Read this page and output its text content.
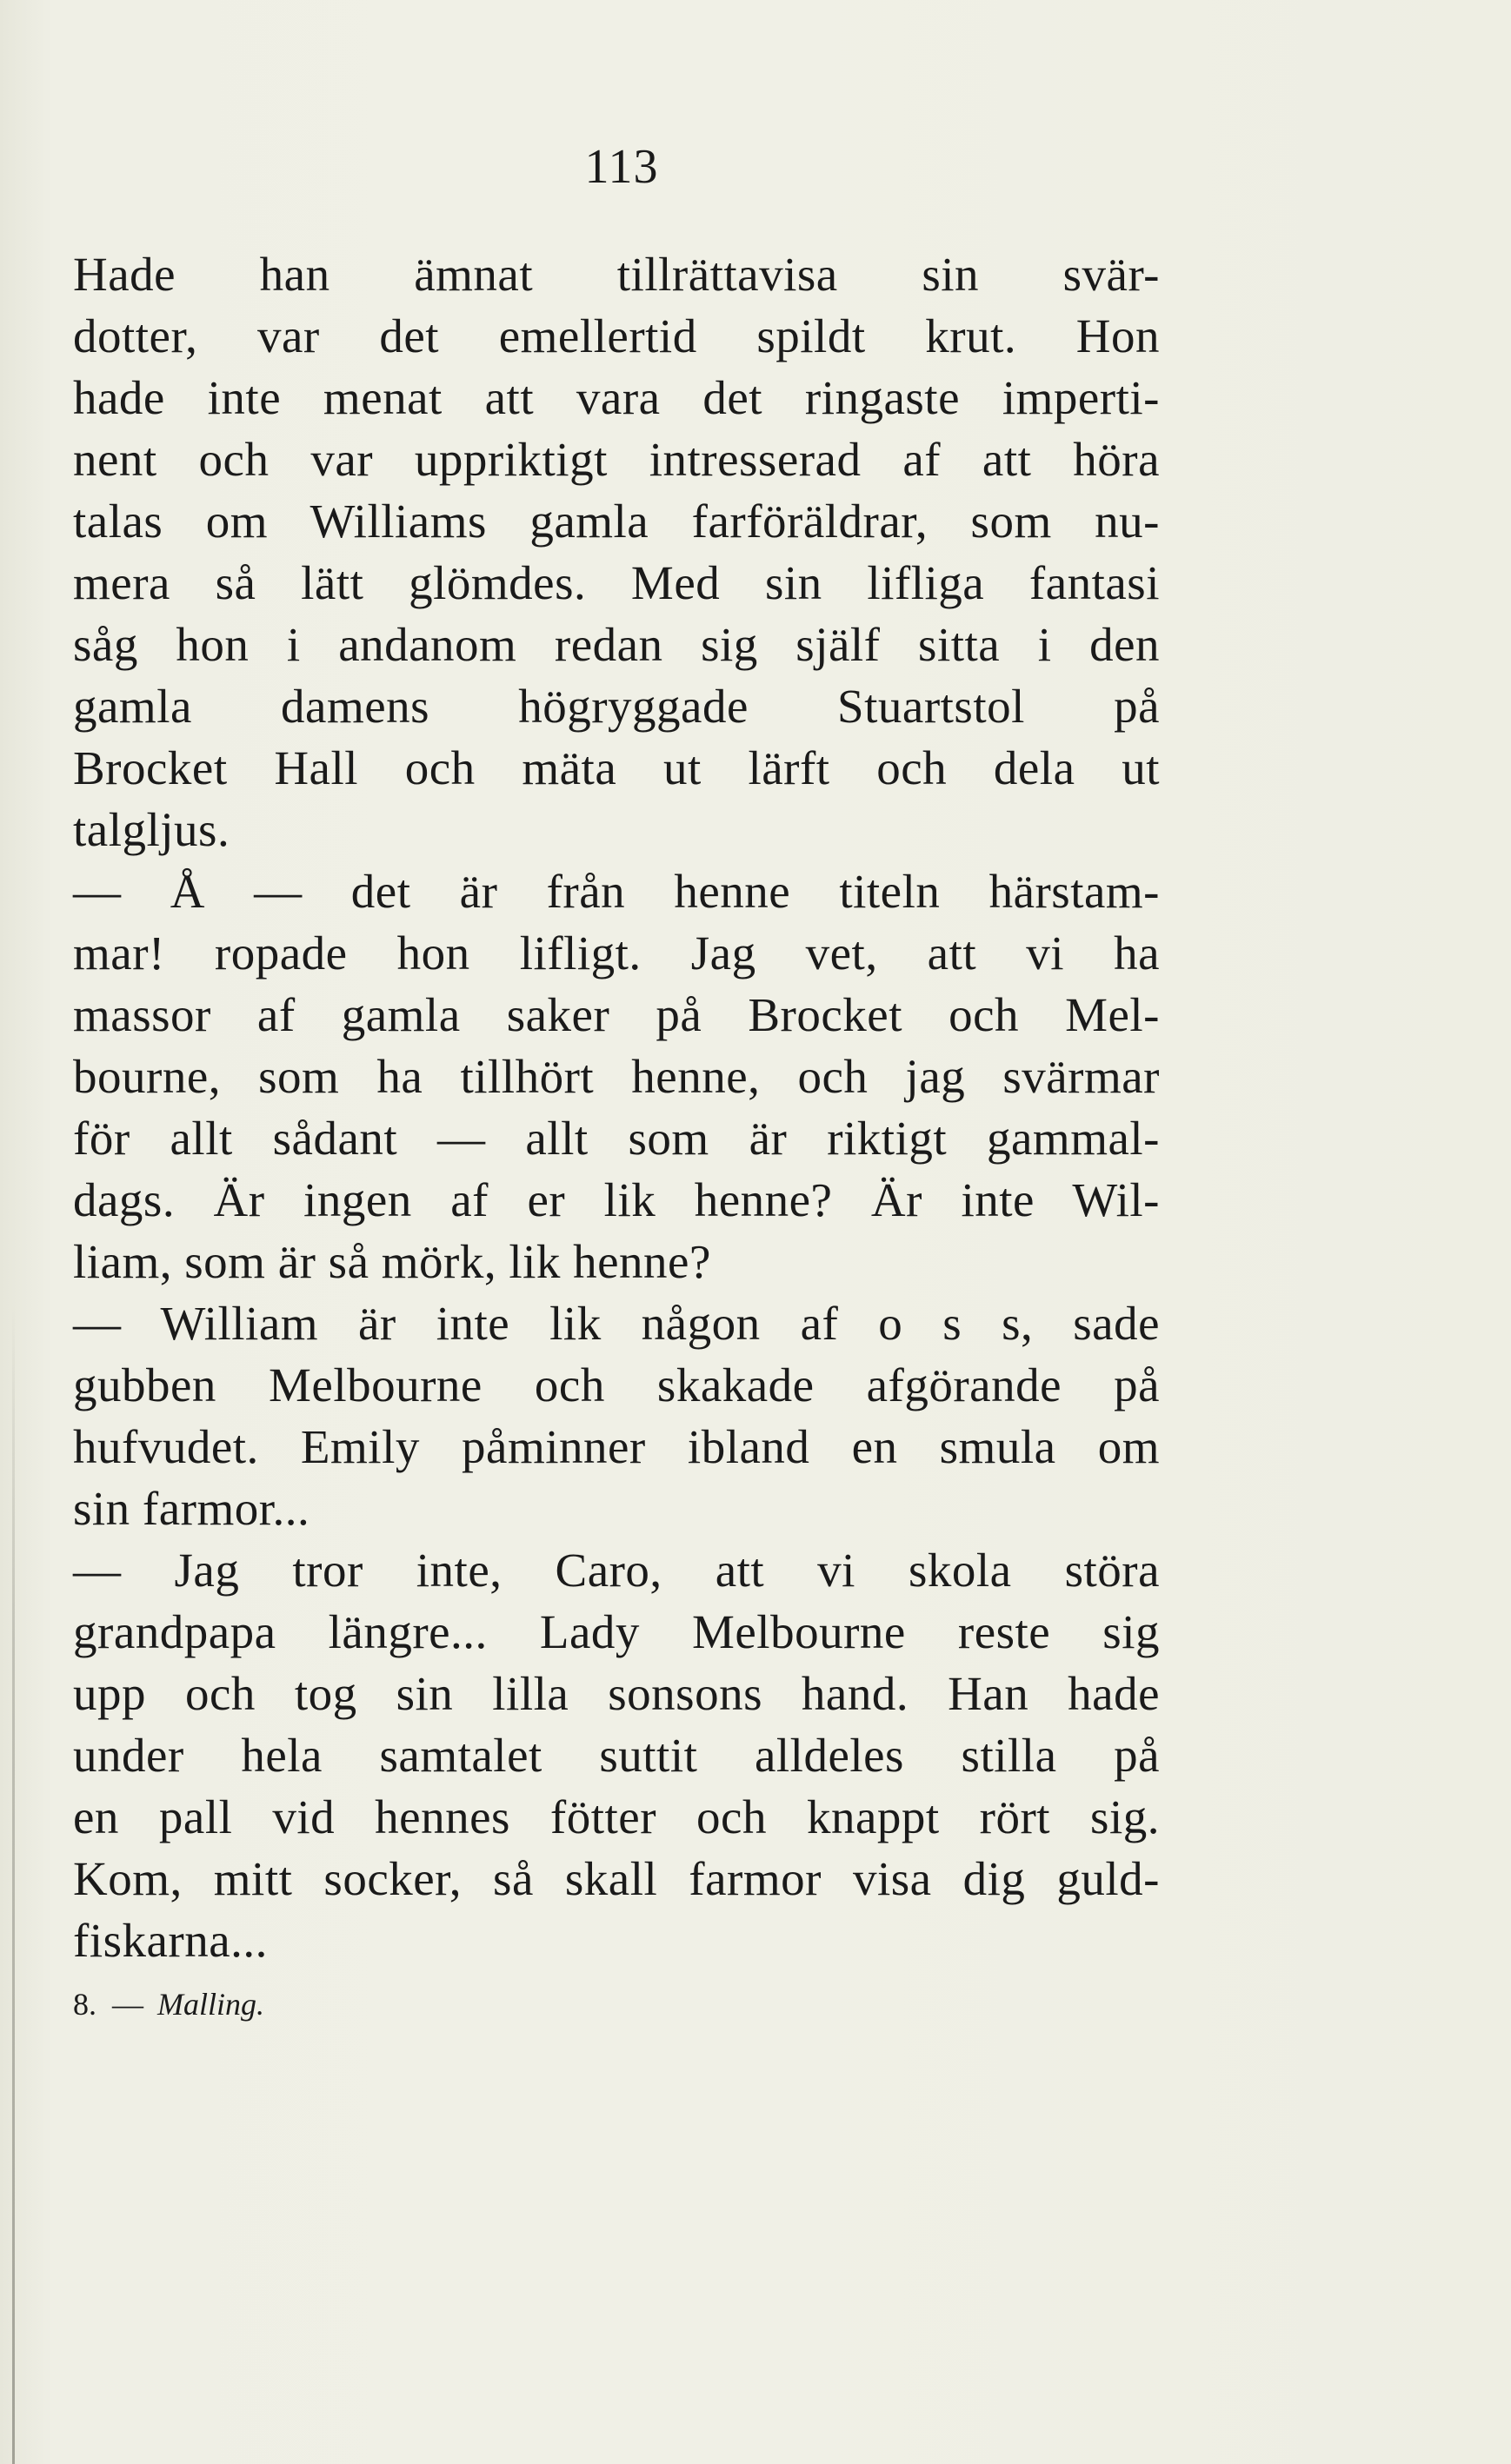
113
Hade han ämnat tillrättavisa sin svär-
dotter, var det emellertid spildt krut. Hon
hade inte menat att vara det ringaste imperti-
nent och var uppriktigt intresserad af att höra
talas om Williams gamla farföräldrar, som nu-
mera så lätt glömdes. Med sin lifliga fantasi
såg hon i andanom redan sig själf sitta i den
gamla damens högryggade Stuartstol på
Brocket Hall och mäta ut lärft och dela ut
talgljus.
— Å — det är från henne titeln härstam-
mar! ropade hon lifligt. Jag vet, att vi ha
massor af gamla saker på Brocket och Mel-
bourne, som ha tillhört henne, och jag svärmar
för allt sådant — allt som är riktigt gammal-
dags. Är ingen af er lik henne? Är inte Wil-
liam, som är så mörk, lik henne?
— William är inte lik någon af o s s, sade
gubben Melbourne och skakade afgörande på
hufvudet. Emily påminner ibland en smula om
sin farmor...
— Jag tror inte, Caro, att vi skola störa
grandpapa längre... Lady Melbourne reste sig
upp och tog sin lilla sonsons hand. Han hade
under hela samtalet suttit alldeles stilla på
en pall vid hennes fötter och knappt rört sig.
Kom, mitt socker, så skall farmor visa dig guld-
fiskarna...
8. — Malling.
